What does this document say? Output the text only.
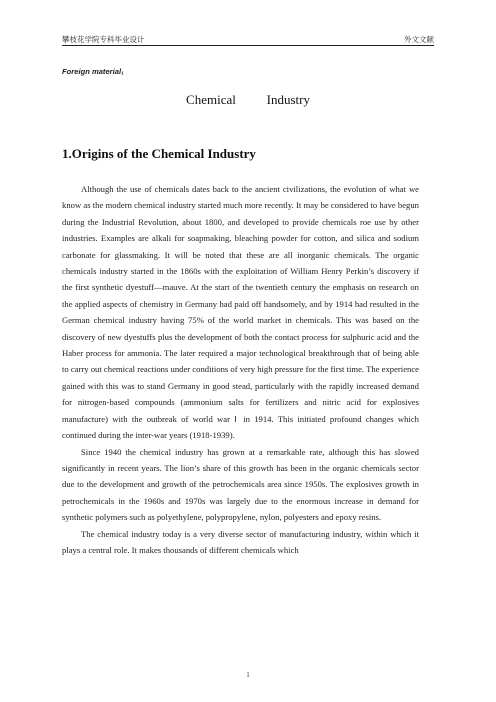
攀枝花学院专科毕业设计	外文文献
Foreign material₁
Chemical   Industry
1.Origins of the Chemical Industry

Although the use of chemicals dates back to the ancient civilizations, the evolution of what we know as the modern chemical industry started much more recently. It may be considered to have begun during the Industrial Revolution, about 1800, and developed to provide chemicals roe use by other industries. Examples are alkali for soapmaking, bleaching powder for cotton, and silica and sodium carbonate for glassmaking. It will be noted that these are all inorganic chemicals. The organic chemicals industry started in the 1860s with the exploitation of William Henry Perkin’s discovery if the first synthetic dyestuff—mauve. At the start of the twentieth century the emphasis on research on the applied aspects of chemistry in Germany had paid off handsomely, and by 1914 had resulted in the German chemical industry having 75% of the world market in chemicals. This was based on the discovery of new dyestuffs plus the development of both the contact process for sulphuric acid and the Haber process for ammonia. The later required a major technological breakthrough that of being able to carry out chemical reactions under conditions of very high pressure for the first time. The experience gained with this was to stand Germany in good stead, particularly with the rapidly increased demand for nitrogen-based compounds (ammonium salts for fertilizers and nitric acid for explosives manufacture) with the outbreak of world war Ⅰ in 1914. This initiated profound changes which continued during the inter-war years (1918-1939).

Since 1940 the chemical industry has grown at a remarkable rate, although this has slowed significantly in recent years. The lion’s share of this growth has been in the organic chemicals sector due to the development and growth of the petrochemicals area since 1950s. The explosives growth in petrochemicals in the 1960s and 1970s was largely due to the enormous increase in demand for synthetic polymers such as polyethylene, polypropylene, nylon, polyesters and epoxy resins.

The chemical industry today is a very diverse sector of manufacturing industry, within which it plays a central role. It makes thousands of different chemicals which

1
